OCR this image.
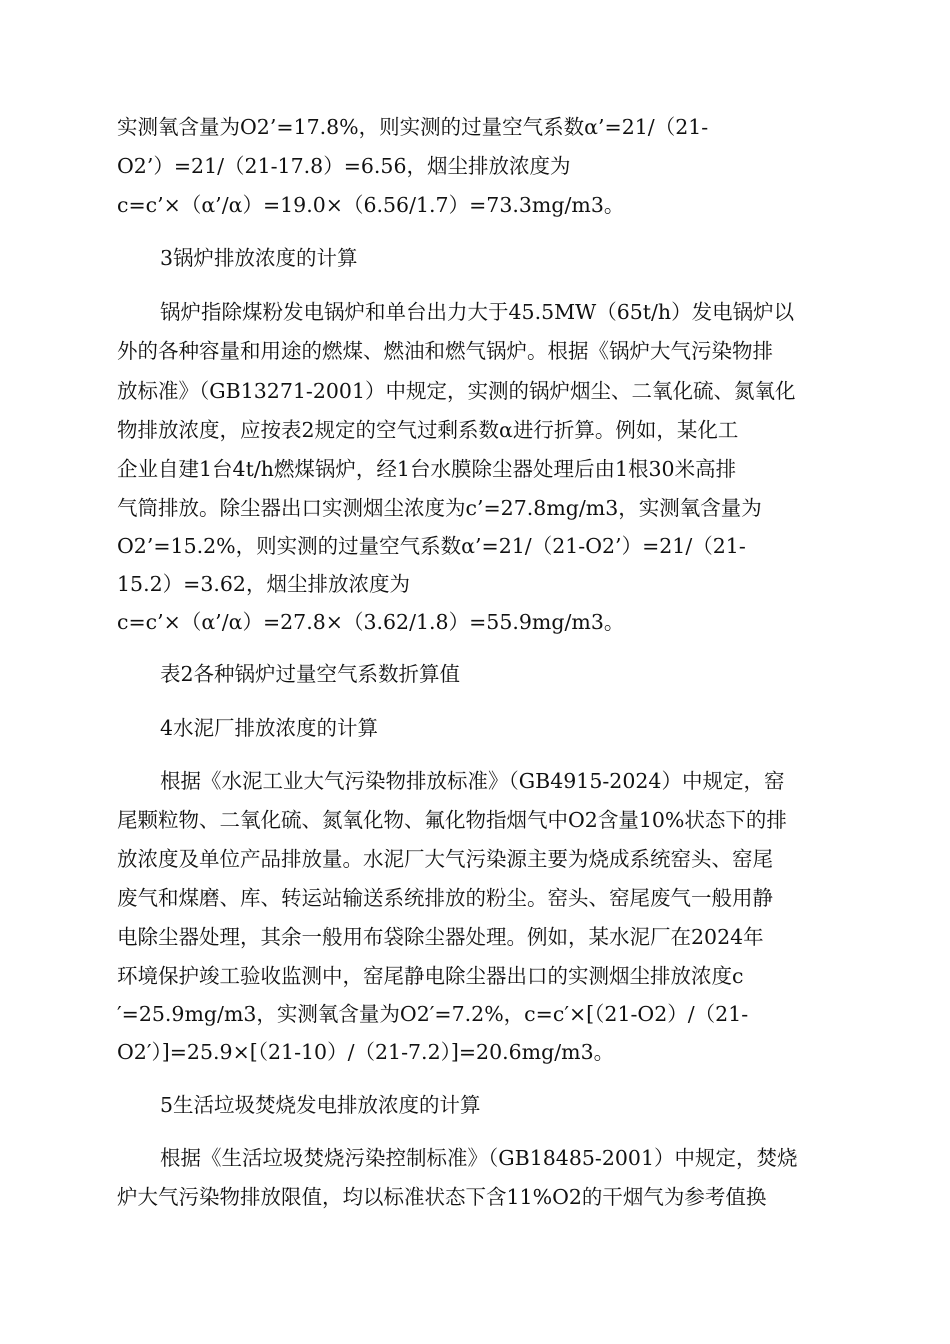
实测氧含量为O2’=17.8%，则实测的过量空气系数α’=21/（21-

O2’）=21/（21-17.8）=6.56，烟尘排放浓度为

c=c’×（α’/α）=19.0×（6.56/1.7）=73.3mg/m3。

3锅炉排放浓度的计算

锅炉指除煤粉发电锅炉和单台出力大于45.5MW（65t/h）发电锅炉以

外的各种容量和用途的燃煤、燃油和燃气锅炉。根据《锅炉大气污染物排

放标准》（GB13271-2001）中规定，实测的锅炉烟尘、二氧化硫、氮氧化

物排放浓度，应按表2规定的空气过剩系数α进行折算。例如，某化工

企业自建1台4t/h燃煤锅炉，经1台水膜除尘器处理后由1根30米高排

气筒排放。除尘器出口实测烟尘浓度为c’=27.8mg/m3，实测氧含量为

O2’=15.2%，则实测的过量空气系数α’=21/（21-O2’）=21/（21-

15.2）=3.62，烟尘排放浓度为

c=c’×（α’/α）=27.8×（3.62/1.8）=55.9mg/m3。

表2各种锅炉过量空气系数折算值

4水泥厂排放浓度的计算

根据《水泥工业大气污染物排放标准》（GB4915-2024）中规定，窑

尾颗粒物、二氧化硫、氮氧化物、氟化物指烟气中O2含量10%状态下的排

放浓度及单位产品排放量。水泥厂大气污染源主要为烧成系统窑头、窑尾

废气和煤磨、库、转运站输送系统排放的粉尘。窑头、窑尾废气一般用静

电除尘器处理，其余一般用布袋除尘器处理。例如，某水泥厂在2024年

环境保护竣工验收监测中，窑尾静电除尘器出口的实测烟尘排放浓度c

′=25.9mg/m3，实测氧含量为O2′=7.2%，c=c′×[（21-O2）/（21-

O2′）]=25.9×[（21-10）/（21-7.2）]=20.6mg/m3。

5生活垃圾焚烧发电排放浓度的计算

根据《生活垃圾焚烧污染控制标准》（GB18485-2001）中规定，焚烧

炉大气污染物排放限值，均以标准状态下含11%O2的干烟气为参考值换
